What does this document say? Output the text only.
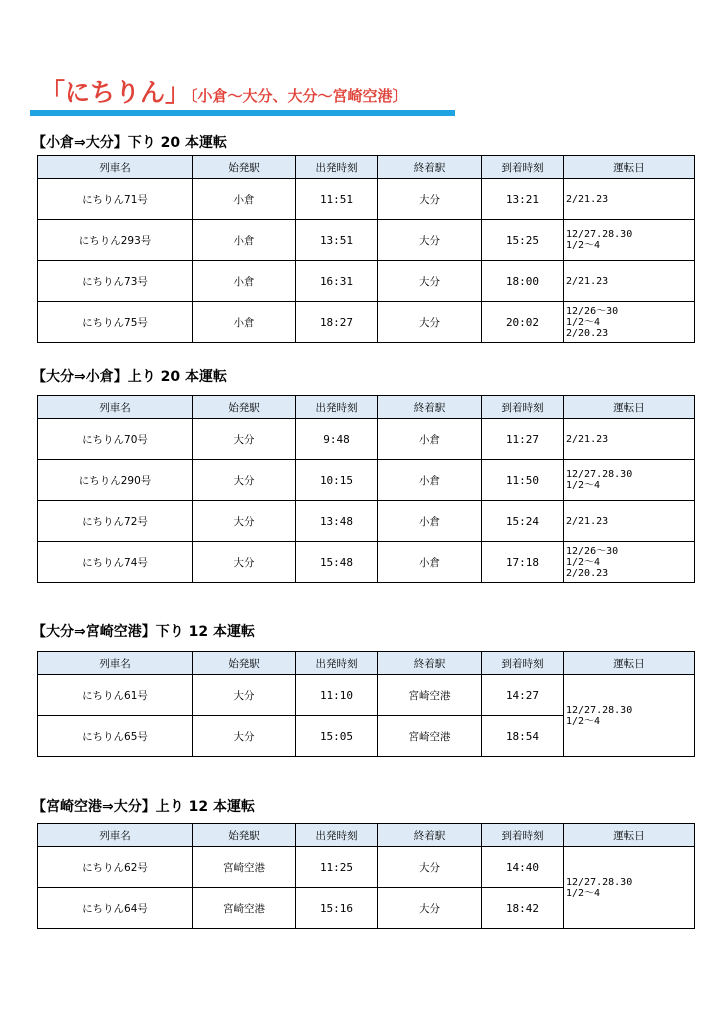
「にちりん」〔小倉～大分、大分～宮崎空港〕
【小倉⇒大分】下り 20 本運転
列車名	始発駅	出発時刻	終着駅	到着時刻	運転日
にちりん71号	小倉	11:51	大分	13:21	2/21.23

にちりん293号	小倉	13:51	大分	15:25	12/27.28.30
1/2～4

にちりん73号	小倉	16:31	大分	18:00	2/21.23

にちりん75号	小倉	18:27	大分	20:02	12/26～30
1/2～4
2/20.23
【大分⇒小倉】上り 20 本運転
列車名	始発駅	出発時刻	終着駅	到着時刻	運転日
にちりん70号	大分	9:48	小倉	11:27	2/21.23

にちりん290号	大分	10:15	小倉	11:50	12/27.28.30
1/2～4

にちりん72号	大分	13:48	小倉	15:24	2/21.23

にちりん74号	大分	15:48	小倉	17:18	12/26～30
1/2～4
2/20.23
【大分⇒宮崎空港】下り 12 本運転
列車名	始発駅	出発時刻	終着駅	到着時刻	運転日
にちりん61号	大分	11:10	宮崎空港	14:27	12/27.28.30
1/2～4

にちりん65号	大分	15:05	宮崎空港	18:54	
【宮崎空港⇒大分】上り 12 本運転
列車名	始発駅	出発時刻	終着駅	到着時刻	運転日
にちりん62号	宮崎空港	11:25	大分	14:40	12/27.28.30
1/2～4

にちりん64号	宮崎空港	15:16	大分	18:42	
